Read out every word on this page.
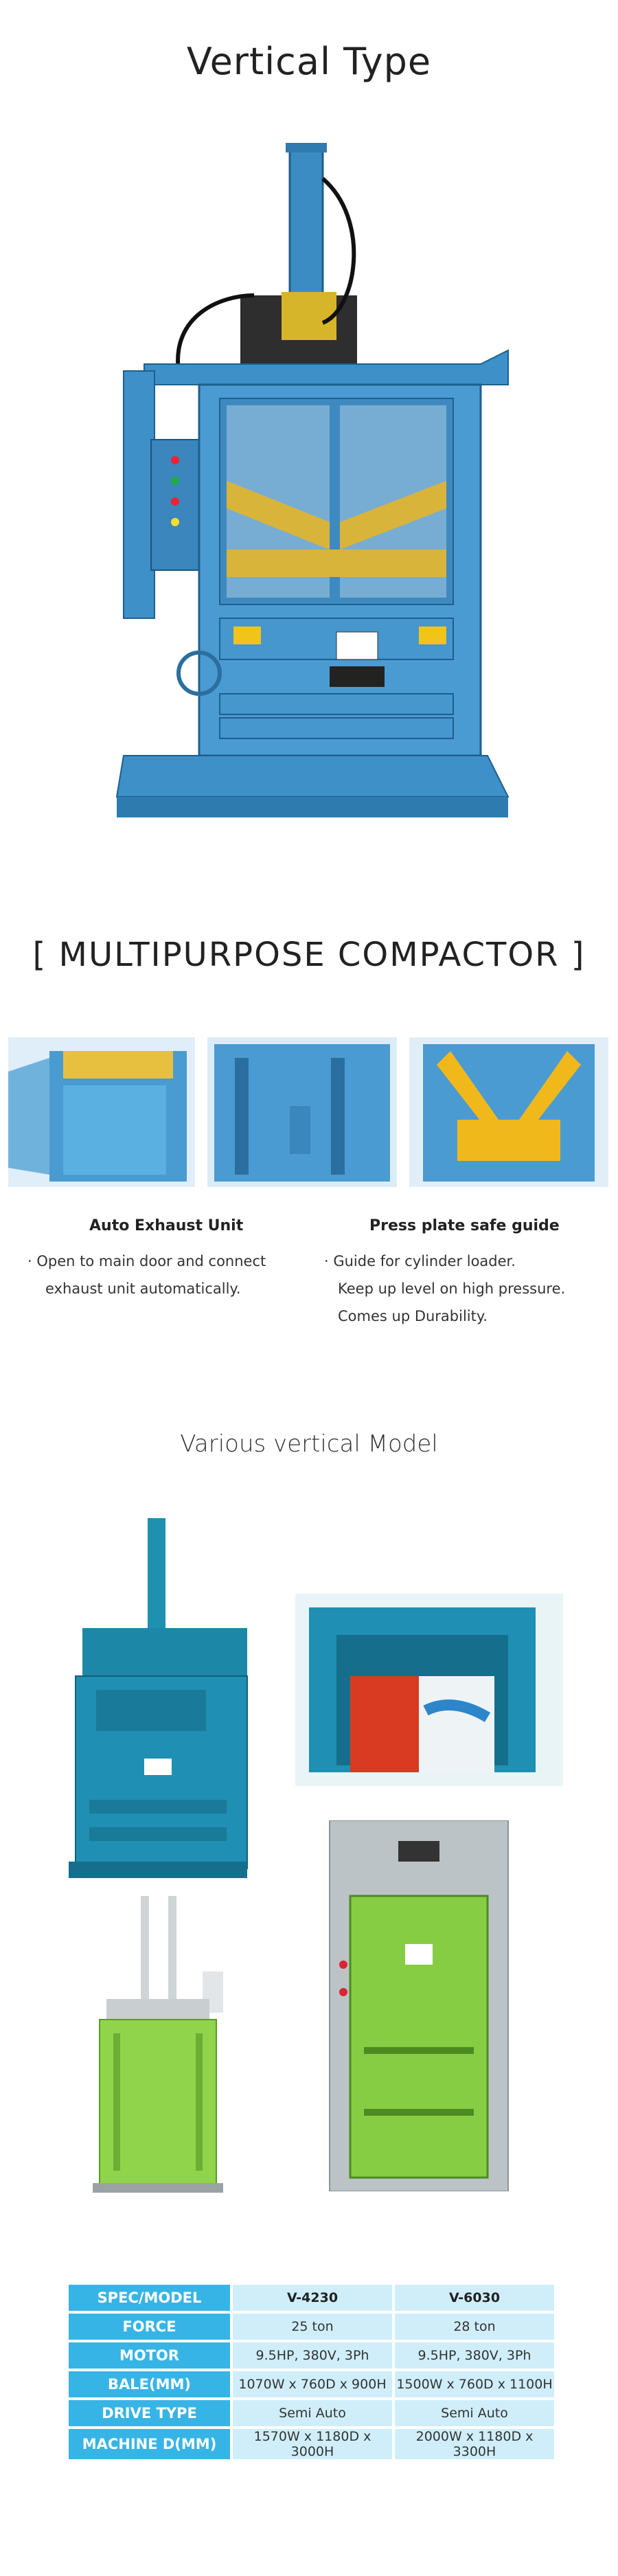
Vertical Type
[ MULTIPURPOSE COMPACTOR ]
Auto Exhaust Unit
· Open to main door and connect
exhaust unit automatically.
Press plate safe guide
· Guide for cylinder loader.
Keep up level on high pressure.
Comes up Durability.
Various vertical Model
SPEC/MODEL	V-4230	V-6030
FORCE	25 ton	28 ton
MOTOR	9.5HP, 380V, 3Ph	9.5HP, 380V, 3Ph
BALE(MM)	1070W x 760D x 900H	1500W x 760D x 1100H
DRIVE TYPE	Semi Auto	Semi Auto
MACHINE D(MM)	1570W x 1180D x 3000H	2000W x 1180D x 3300H
